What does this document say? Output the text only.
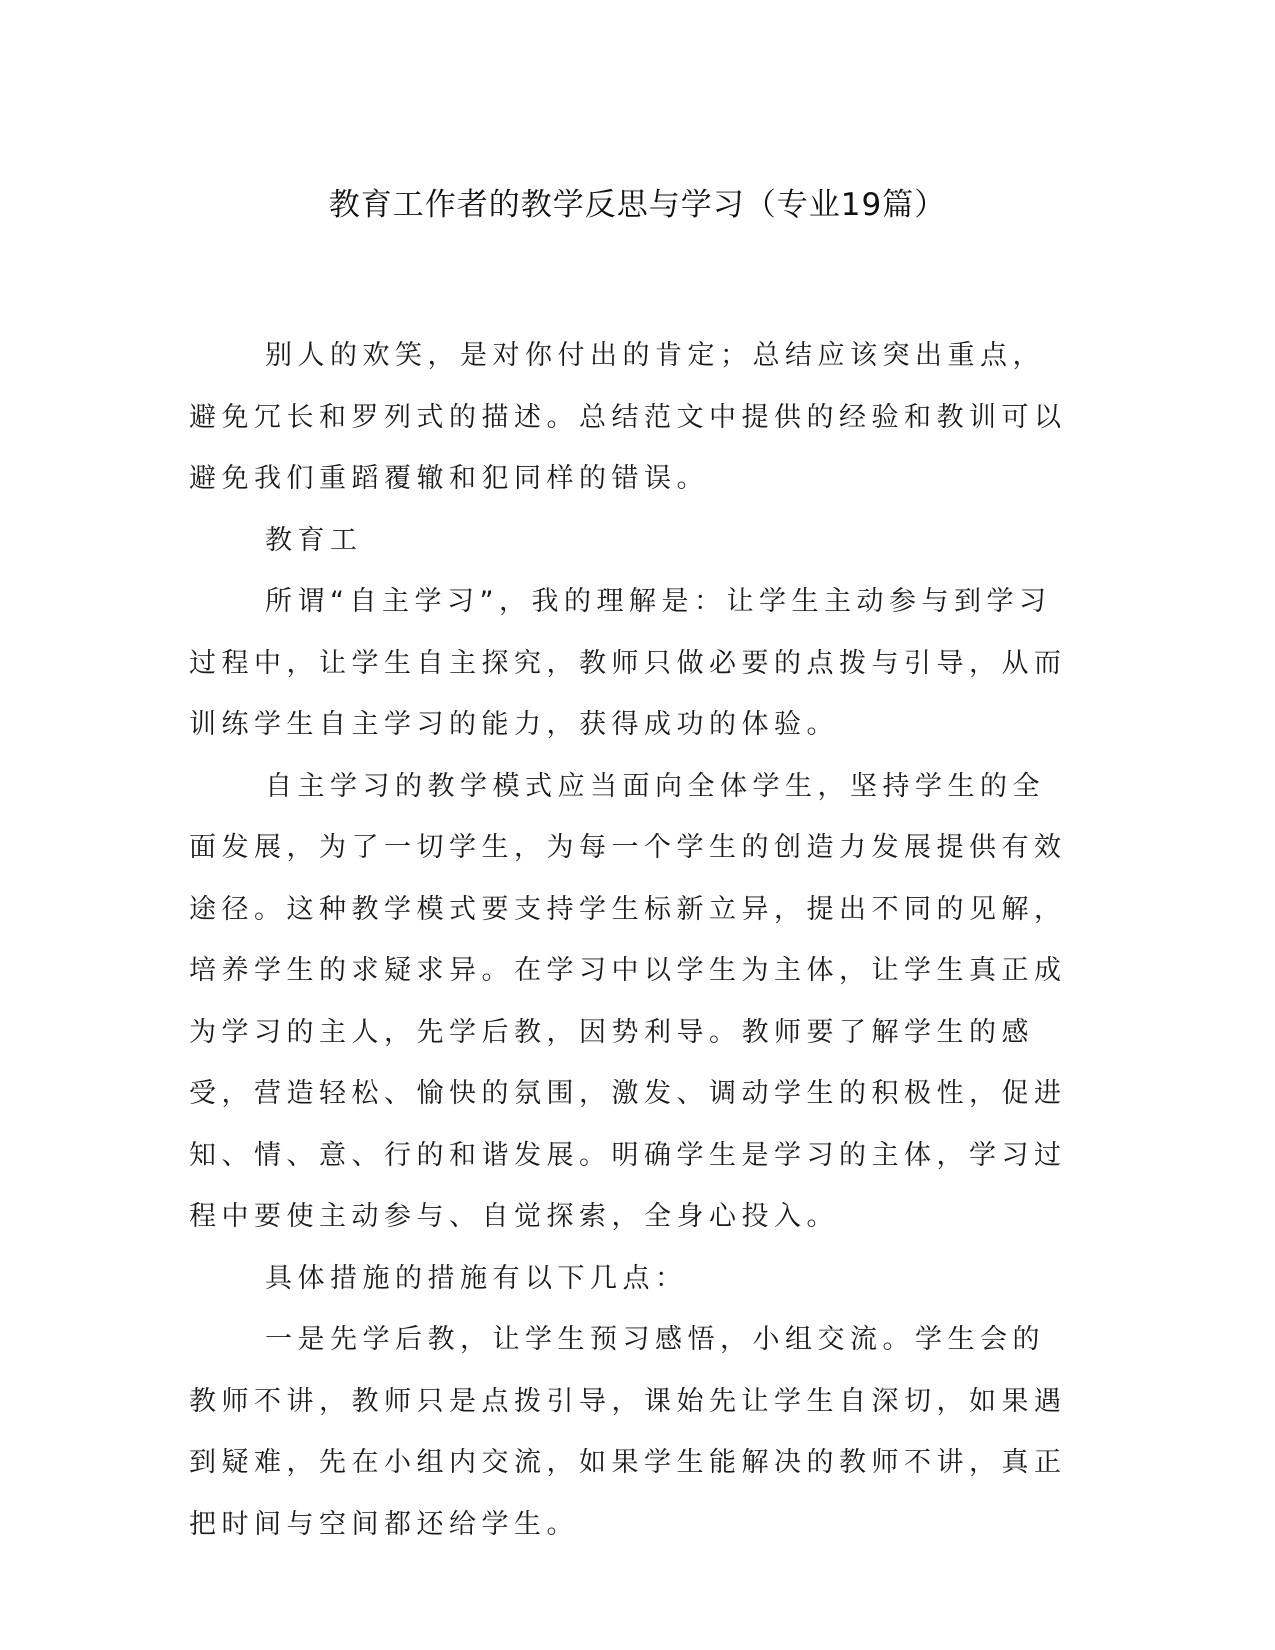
教育工作者的教学反思与学习（专业19篇）

别人的欢笑，是对你付出的肯定；总结应该突出重点，避免冗长和罗列式的描述。总结范文中提供的经验和教训可以避免我们重蹈覆辙和犯同样的错误。

教育工

所谓“自主学习”，我的理解是：让学生主动参与到学习过程中，让学生自主探究，教师只做必要的点拨与引导，从而训练学生自主学习的能力，获得成功的体验。

自主学习的教学模式应当面向全体学生，坚持学生的全面发展，为了一切学生，为每一个学生的创造力发展提供有效途径。这种教学模式要支持学生标新立异，提出不同的见解，培养学生的求疑求异。在学习中以学生为主体，让学生真正成为学习的主人，先学后教，因势利导。教师要了解学生的感受，营造轻松、愉快的氛围，激发、调动学生的积极性，促进知、情、意、行的和谐发展。明确学生是学习的主体，学习过程中要使主动参与、自觉探索，全身心投入。

具体措施的措施有以下几点：

一是先学后教，让学生预习感悟，小组交流。学生会的教师不讲，教师只是点拨引导，课始先让学生自深切，如果遇到疑难，先在小组内交流，如果学生能解决的教师不讲，真正把时间与空间都还给学生。
